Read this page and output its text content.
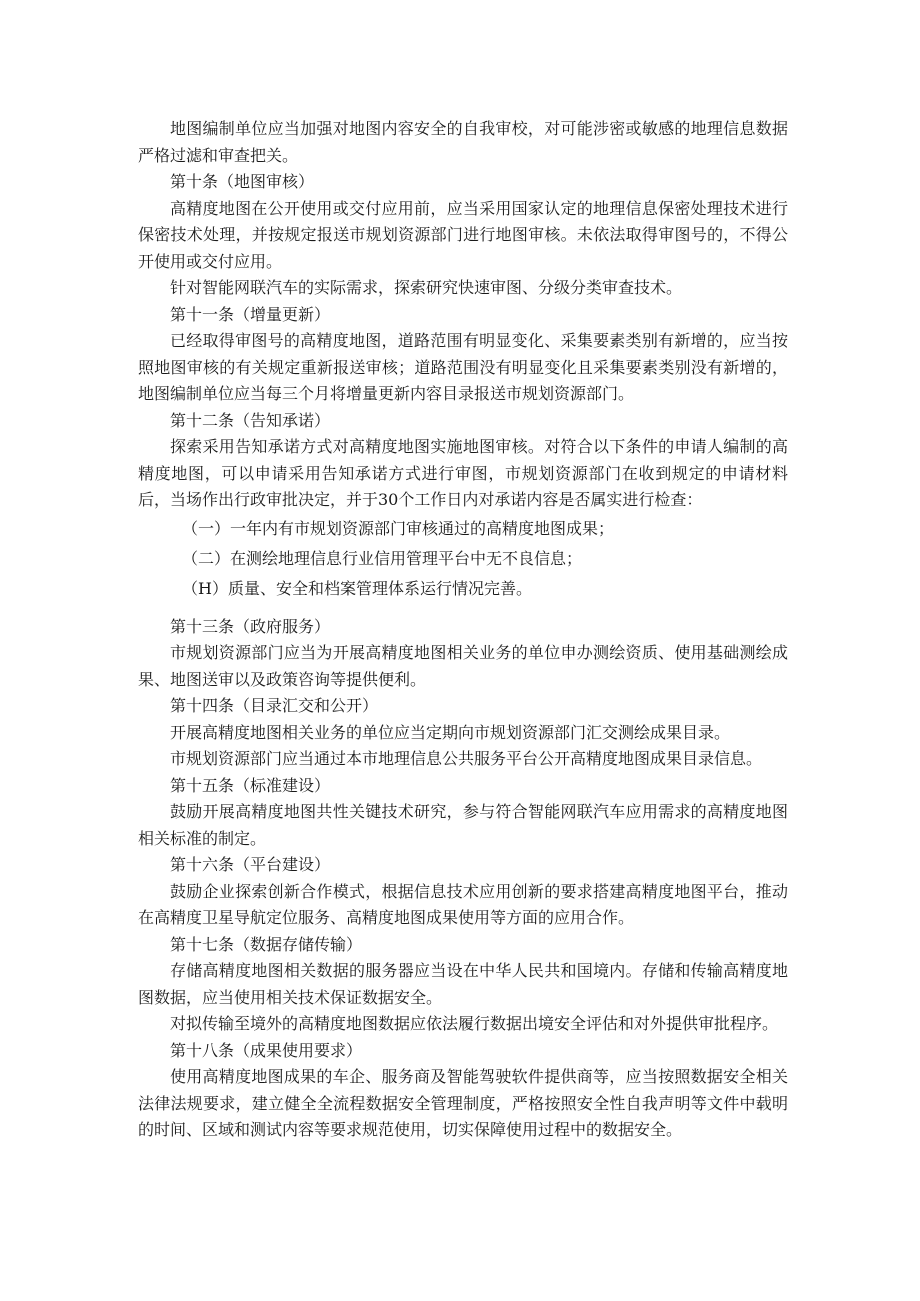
地图编制单位应当加强对地图内容安全的自我审校，对可能涉密或敏感的地理信息数据严格过滤和审查把关。

第十条（地图审核）

高精度地图在公开使用或交付应用前，应当采用国家认定的地理信息保密处理技术进行保密技术处理，并按规定报送市规划资源部门进行地图审核。未依法取得审图号的，不得公开使用或交付应用。

针对智能网联汽车的实际需求，探索研究快速审图、分级分类审查技术。

第十一条（增量更新）

已经取得审图号的高精度地图，道路范围有明显变化、采集要素类别有新增的，应当按照地图审核的有关规定重新报送审核；道路范围没有明显变化且采集要素类别没有新增的，地图编制单位应当每三个月将增量更新内容目录报送市规划资源部门。

第十二条（告知承诺）

探索采用告知承诺方式对高精度地图实施地图审核。对符合以下条件的申请人编制的高精度地图，可以申请采用告知承诺方式进行审图，市规划资源部门在收到规定的申请材料后，当场作出行政审批决定，并于30个工作日内对承诺内容是否属实进行检查：

（一）一年内有市规划资源部门审核通过的高精度地图成果；

（二）在测绘地理信息行业信用管理平台中无不良信息；

（H）质量、安全和档案管理体系运行情况完善。

第十三条（政府服务）

市规划资源部门应当为开展高精度地图相关业务的单位申办测绘资质、使用基础测绘成果、地图送审以及政策咨询等提供便利。

第十四条（目录汇交和公开）

开展高精度地图相关业务的单位应当定期向市规划资源部门汇交测绘成果目录。

市规划资源部门应当通过本市地理信息公共服务平台公开高精度地图成果目录信息。

第十五条（标准建设）

鼓励开展高精度地图共性关键技术研究，参与符合智能网联汽车应用需求的高精度地图相关标准的制定。

第十六条（平台建设）

鼓励企业探索创新合作模式，根据信息技术应用创新的要求搭建高精度地图平台，推动在高精度卫星导航定位服务、高精度地图成果使用等方面的应用合作。

第十七条（数据存储传输）

存储高精度地图相关数据的服务器应当设在中华人民共和国境内。存储和传输高精度地图数据，应当使用相关技术保证数据安全。

对拟传输至境外的高精度地图数据应依法履行数据出境安全评估和对外提供审批程序。

第十八条（成果使用要求）

使用高精度地图成果的车企、服务商及智能驾驶软件提供商等，应当按照数据安全相关法律法规要求，建立健全全流程数据安全管理制度，严格按照安全性自我声明等文件中载明的时间、区域和测试内容等要求规范使用，切实保障使用过程中的数据安全。
